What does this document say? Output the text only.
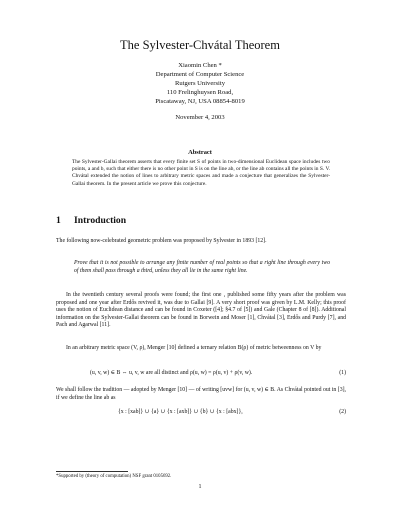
The Sylvester-Chvátal Theorem
Xiaomin Chen *
Department of Computer Science
Rutgers University
110 Frelinghuysen Road,
Piscataway, NJ, USA 08854-8019
November 4, 2003
Abstract
The Sylvester-Gallai theorem asserts that every finite set S of points in two-dimensional Euclidean space includes two points, a and b, such that either there is no other point in S is on the line ab, or the line ab contains all the points in S. V. Chvátal extended the notion of lines to arbitrary metric spaces and made a conjecture that generalizes the Sylvester-Gallai theorem. In the present article we prove this conjecture.
1 Introduction
The following now-celebrated geometric problem was proposed by Sylvester in 1893 [12].
Prove that it is not possible to arrange any finite number of real points so that a right line through every two of them shall pass through a third, unless they all lie in the same right line.
In the twentieth century several proofs were found; the first one , published some fifty years after the problem was proposed and one year after Erdős revived it, was due to Gallai [9]. A very short proof was given by L.M. Kelly; this proof uses the notion of Euclidean distance and can be found in Coxeter ([4]; §4.7 of [5]) and Gale (Chapter 8 of [8]). Additional information on the Sylvester-Gallai theorem can be found in Borwein and Moser [1], Chvátal [3], Erdős and Purdy [7], and Pach and Agarwal [11].
In an arbitrary metric space (V, ρ), Menger [10] defined a ternary relation B(ρ) of metric betweenness on V by
(u, v, w) ∈ B ⇔ u, v, w are all distinct and ρ(u, w) = ρ(u, v) + ρ(v, w).	(1)
We shall follow the tradition — adopted by Menger [10] — of writing [uvw] for (u, v, w) ∈ B. As Chvátal pointed out in [3], if we define the line ab as
{x : [xab]} ∪ {a} ∪ {x : [axb]} ∪ {b} ∪ {x : [abx]},	(2)
*Supported by (theory of computation) NSF grant 0105692.
1
